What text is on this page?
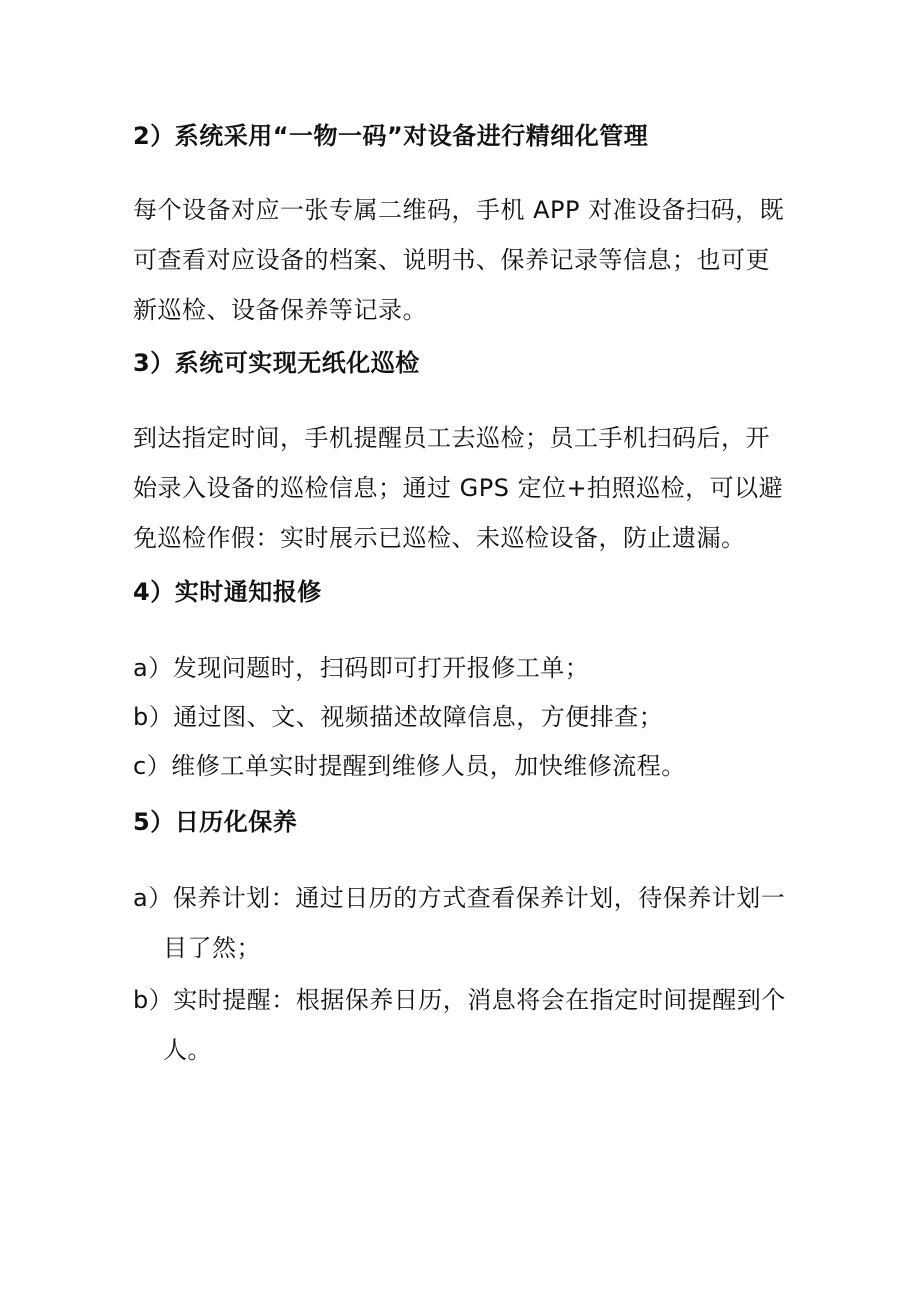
2）系统采用“一物一码”对设备进行精细化管理
每个设备对应一张专属二维码，手机 APP 对准设备扫码，既
可查看对应设备的档案、说明书、保养记录等信息；也可更
新巡检、设备保养等记录。
3）系统可实现无纸化巡检
到达指定时间，手机提醒员工去巡检；员工手机扫码后，开
始录入设备的巡检信息；通过 GPS 定位+拍照巡检，可以避
免巡检作假：实时展示已巡检、未巡检设备，防止遗漏。
4）实时通知报修
a）发现问题时，扫码即可打开报修工单；
b）通过图、文、视频描述故障信息，方便排查；
c）维修工单实时提醒到维修人员，加快维修流程。
5）日历化保养
a）保养计划：通过日历的方式查看保养计划，待保养计划一
目了然；
b）实时提醒：根据保养日历，消息将会在指定时间提醒到个
人。
